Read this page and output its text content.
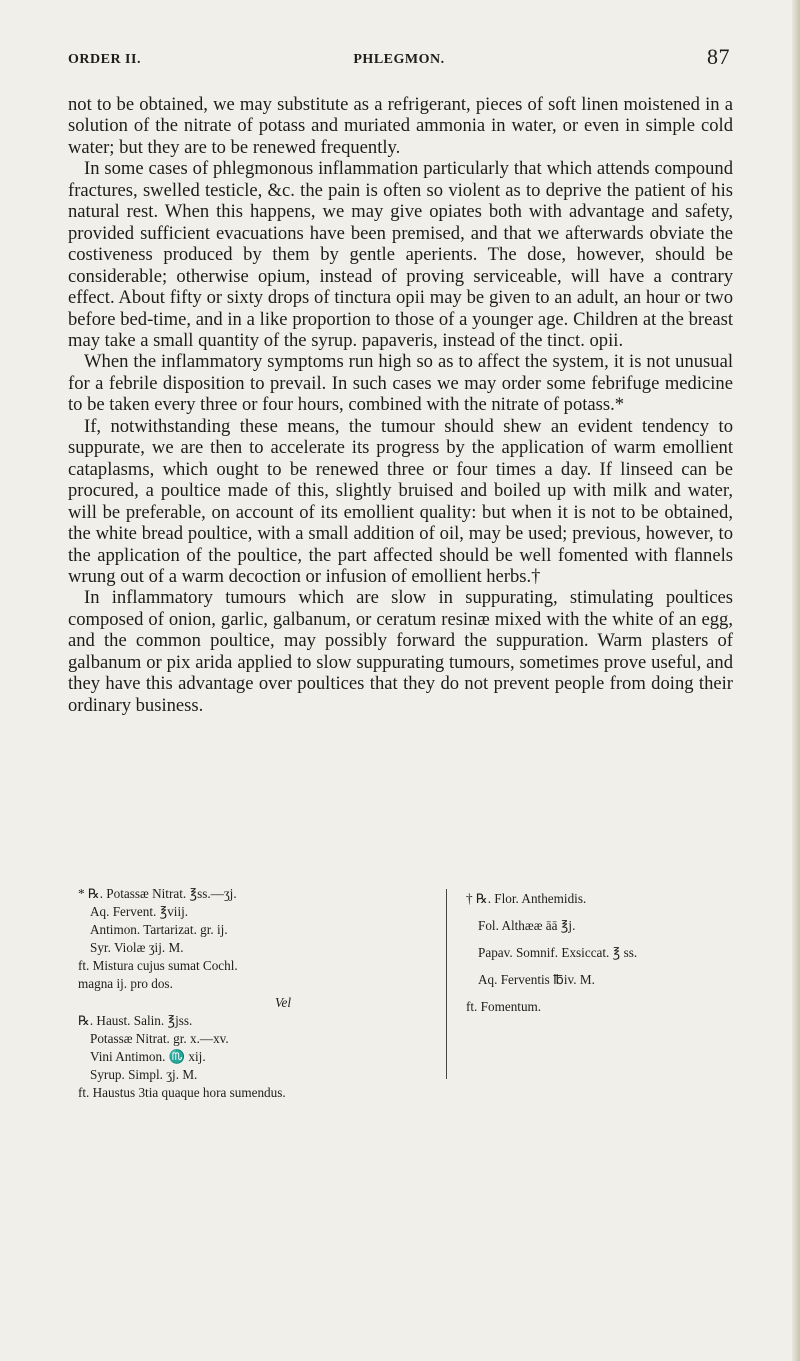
ORDER II.	PHLEGMON.	87

not to be obtained, we may substitute as a refrigerant, pieces of soft linen moistened in a solution of the nitrate of potass and muriated ammonia in water, or even in simple cold water; but they are to be renewed frequently.

In some cases of phlegmonous inflammation particularly that which attends compound fractures, swelled testicle, &c. the pain is often so violent as to deprive the patient of his natural rest. When this happens, we may give opiates both with advantage and safety, provided sufficient evacuations have been premised, and that we afterwards obviate the costiveness produced by them by gentle aperients. The dose, however, should be considerable; otherwise opium, instead of proving serviceable, will have a contrary effect. About fifty or sixty drops of tinctura opii may be given to an adult, an hour or two before bed-time, and in a like proportion to those of a younger age. Children at the breast may take a small quantity of the syrup. papaveris, instead of the tinct. opii.

When the inflammatory symptoms run high so as to affect the system, it is not unusual for a febrile disposition to prevail. In such cases we may order some febrifuge medicine to be taken every three or four hours, combined with the nitrate of potass.*

If, notwithstanding these means, the tumour should shew an evident tendency to suppurate, we are then to accelerate its progress by the application of warm emollient cataplasms, which ought to be renewed three or four times a day. If linseed can be procured, a poultice made of this, slightly bruised and boiled up with milk and water, will be preferable, on account of its emollient quality: but when it is not to be obtained, the white bread poultice, with a small addition of oil, may be used; previous, however, to the application of the poultice, the part affected should be well fomented with flannels wrung out of a warm decoction or infusion of emollient herbs.†

In inflammatory tumours which are slow in suppurating, stimulating poultices composed of onion, garlic, galbanum, or ceratum resinæ mixed with the white of an egg, and the common poultice, may possibly forward the suppuration. Warm plasters of galbanum or pix arida applied to slow suppurating tumours, sometimes prove useful, and they have this advantage over poultices that they do not prevent people from doing their ordinary business.

* ℞. Potassæ Nitrat. ℥ss.—ʒj.
Aq. Fervent. ℥viij.
Antimon. Tartarizat. gr. ij.
Syr. Violæ ʒij. M.
ft. Mistura cujus sumat Cochl.
magna ij. pro dos.
Vel
℞. Haust. Salin. ℥jss.
Potassæ Nitrat. gr. x.—xv.
Vini Antimon. ♏ xij.
Syrup. Simpl. ʒj. M.
ft. Haustus 3tia quaque hora sumendus.
† ℞. Flor. Anthemidis.
Fol. Althææ āā ℥j.
Papav. Somnif. Exsiccat. ℥ ss.
Aq. Ferventis ℔iv. M.
ft. Fomentum.
